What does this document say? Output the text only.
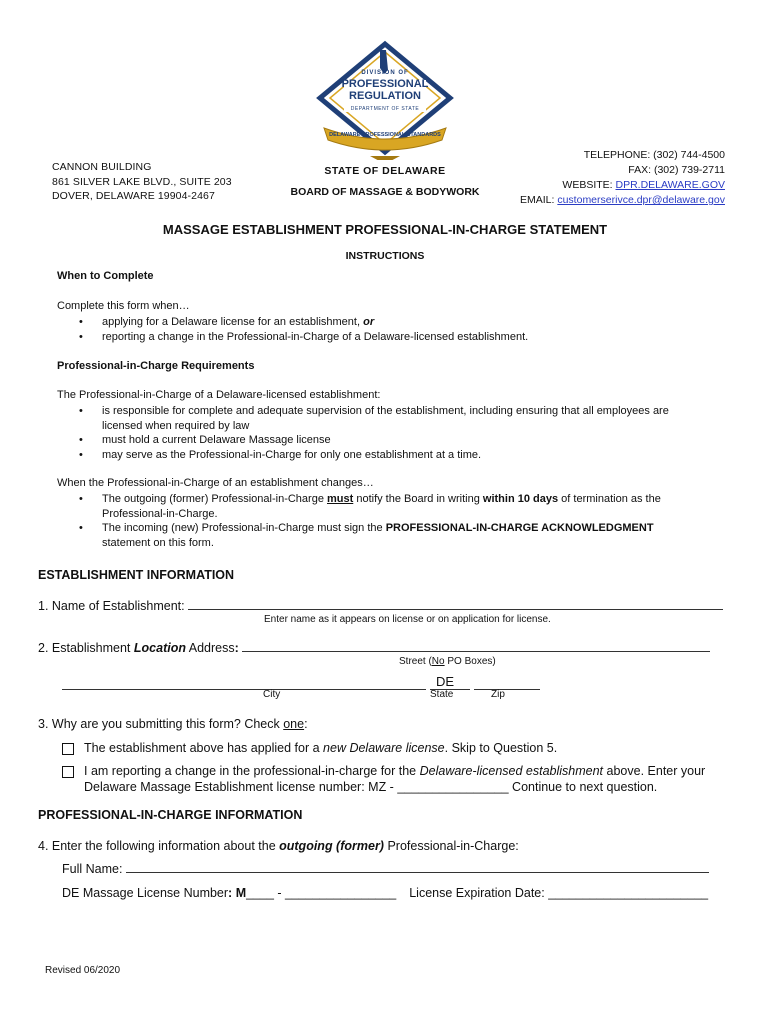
DIVISION OF
PROFESSIONAL
REGULATION
DEPARTMENT OF STATE
DELAWARE PROFESSIONAL STANDARDS
CANNON BUILDING
861 SILVER LAKE BLVD., SUITE 203
DOVER, DELAWARE 19904-2467
STATE OF DELAWARE
BOARD OF MASSAGE & BODYWORK
TELEPHONE: (302) 744-4500
FAX: (302) 739-2711
WEBSITE: DPR.DELAWARE.GOV
EMAIL: customerserivce.dpr@delaware.gov
MASSAGE ESTABLISHMENT PROFESSIONAL-IN-CHARGE STATEMENT
INSTRUCTIONS
When to Complete
Complete this form when…
• applying for a Delaware license for an establishment, or
• reporting a change in the Professional-in-Charge of a Delaware-licensed establishment.
Professional-in-Charge Requirements
The Professional-in-Charge of a Delaware-licensed establishment:
• is responsible for complete and adequate supervision of the establishment, including ensuring that all employees are licensed when required by law
• must hold a current Delaware Massage license
• may serve as the Professional-in-Charge for only one establishment at a time.
When the Professional-in-Charge of an establishment changes…
• The outgoing (former) Professional-in-Charge must notify the Board in writing within 10 days of termination as the Professional-in-Charge.
• The incoming (new) Professional-in-Charge must sign the PROFESSIONAL-IN-CHARGE ACKNOWLEDGMENT statement on this form.
ESTABLISHMENT INFORMATION
1. Name of Establishment:
Enter name as it appears on license or on application for license.
2. Establishment Location Address:
Street (No PO Boxes)
DE
City	State	Zip
3. Why are you submitting this form? Check one:
The establishment above has applied for a new Delaware license. Skip to Question 5.
I am reporting a change in the professional-in-charge for the Delaware-licensed establishment above. Enter your
Delaware Massage Establishment license number: MZ - ________________ Continue to next question.
PROFESSIONAL-IN-CHARGE INFORMATION
4. Enter the following information about the outgoing (former) Professional-in-Charge:
Full Name:
DE Massage License Number: M____ - ________________ License Expiration Date: _______________________
Revised 06/2020
